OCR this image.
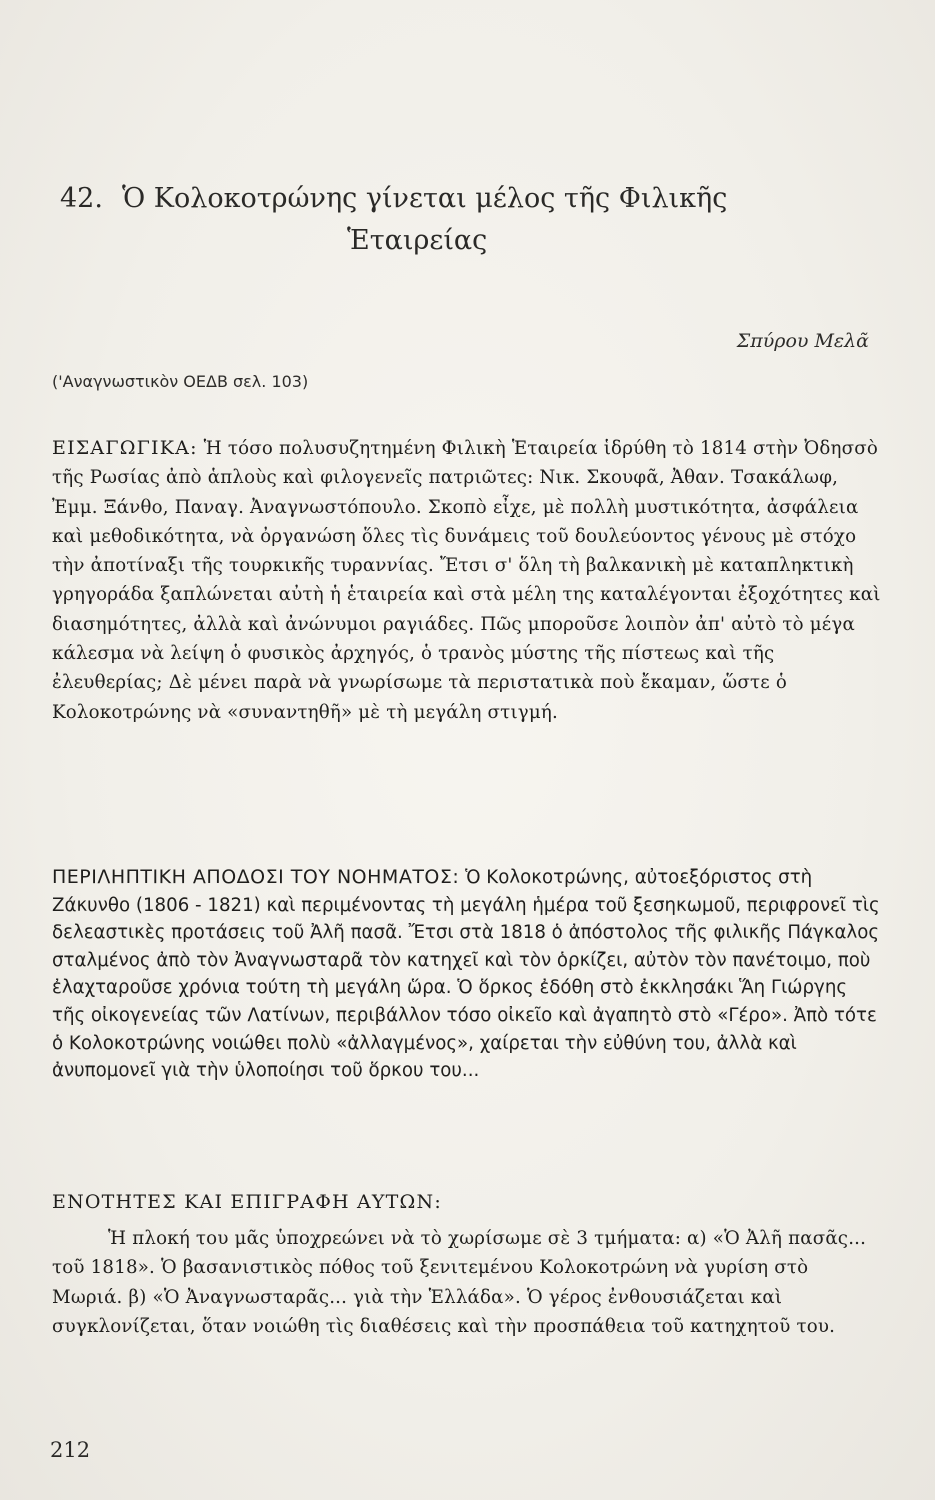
42. Ὁ Κολοκοτρώνης γίνεται μέλος τῆς Φιλικῆς
Ἑταιρείας
Σπύρου Μελᾶ
('Αναγνωστικὸν ΟΕΔΒ σελ. 103)

ΕΙΣΑΓΩΓΙΚΑ: Ἡ τόσο πολυσυζητημένη Φιλικὴ Ἑταιρεία ἱδρύθη τὸ 1814 στὴν Ὀδησσὸ τῆς Ρωσίας ἀπὸ ἁπλοὺς καὶ φιλογενεῖς πατριῶτες: Νικ. Σκουφᾶ, Ἀθαν. Τσακάλωφ, Ἐμμ. Ξάνθο, Παναγ. Ἀναγνωστόπουλο. Σκοπὸ εἶχε, μὲ πολλὴ μυστικότητα, ἀσφάλεια καὶ μεθοδικότητα, νὰ ὀργανώση ὅλες τὶς δυνάμεις τοῦ δουλεύοντος γένους μὲ στόχο τὴν ἀποτίναξι τῆς τουρκικῆς τυραννίας. Ἔτσι σ' ὅλη τὴ βαλκανικὴ μὲ καταπληκτικὴ γρηγοράδα ξαπλώνεται αὐτὴ ἡ ἑταιρεία καὶ στὰ μέλη της καταλέγονται ἐξοχότητες καὶ διασημότητες, ἀλλὰ καὶ ἀνώνυμοι ραγιάδες. Πῶς μποροῦσε λοιπὸν ἀπ' αὐτὸ τὸ μέγα κάλεσμα νὰ λείψη ὁ φυσικὸς ἀρχηγός, ὁ τρανὸς μύστης τῆς πίστεως καὶ τῆς ἐλευθερίας; Δὲ μένει παρὰ νὰ γνωρίσωμε τὰ περιστατικὰ ποὺ ἔκαμαν, ὥστε ὁ Κολοκοτρώνης νὰ «συναντηθῆ» μὲ τὴ μεγάλη στιγμή.

ΠΕΡΙΛΗΠΤΙΚΗ ΑΠΟΔΟΣΙ ΤΟΥ ΝΟΗΜΑΤΟΣ: Ὁ Κολοκοτρώνης, αὐτοεξόριστος στὴ Ζάκυνθο (1806 - 1821) καὶ περιμένοντας τὴ μεγάλη ἡμέρα τοῦ ξεσηκωμοῦ, περιφρονεῖ τὶς δελεαστικὲς προτάσεις τοῦ Ἀλῆ πασᾶ. Ἔτσι στὰ 1818 ὁ ἀπόστολος τῆς φιλικῆς Πάγκαλος σταλμένος ἀπὸ τὸν Ἀναγνωσταρᾶ τὸν κατηχεῖ καὶ τὸν ὁρκίζει, αὐτὸν τὸν πανέτοιμο, ποὺ ἐλαχταροῦσε χρόνια τούτη τὴ μεγάλη ὥρα. Ὁ ὅρκος ἐδόθη στὸ ἐκκλησάκι Ἅη Γιώργης τῆς οἰκογενείας τῶν Λατίνων, περιβάλλον τόσο οἰκεῖο καὶ ἀγαπητὸ στὸ «Γέρο». Ἀπὸ τότε ὁ Κολοκοτρώνης νοιώθει πολὺ «ἀλλαγμένος», χαίρεται τὴν εὐθύνη του, ἀλλὰ καὶ ἀνυπομονεῖ γιὰ τὴν ὑλοποίησι τοῦ ὅρκου του...

ΕΝΟΤΗΤΕΣ ΚΑΙ ΕΠΙΓΡΑΦΗ ΑΥΤΩΝ:

Ἡ πλοκή του μᾶς ὑποχρεώνει νὰ τὸ χωρίσωμε σὲ 3 τμήματα: α) «Ὁ Ἀλῆ πασᾶς... τοῦ 1818». Ὁ βασανιστικὸς πόθος τοῦ ξενιτεμένου Κολοκοτρώνη νὰ γυρίση στὸ Μωριά. β) «Ὁ Ἀναγνωσταρᾶς... γιὰ τὴν Ἑλλάδα». Ὁ γέρος ἐνθουσιάζεται καὶ συγκλονίζεται, ὅταν νοιώθη τὶς διαθέσεις καὶ τὴν προσπάθεια τοῦ κατηχητοῦ του.

212
